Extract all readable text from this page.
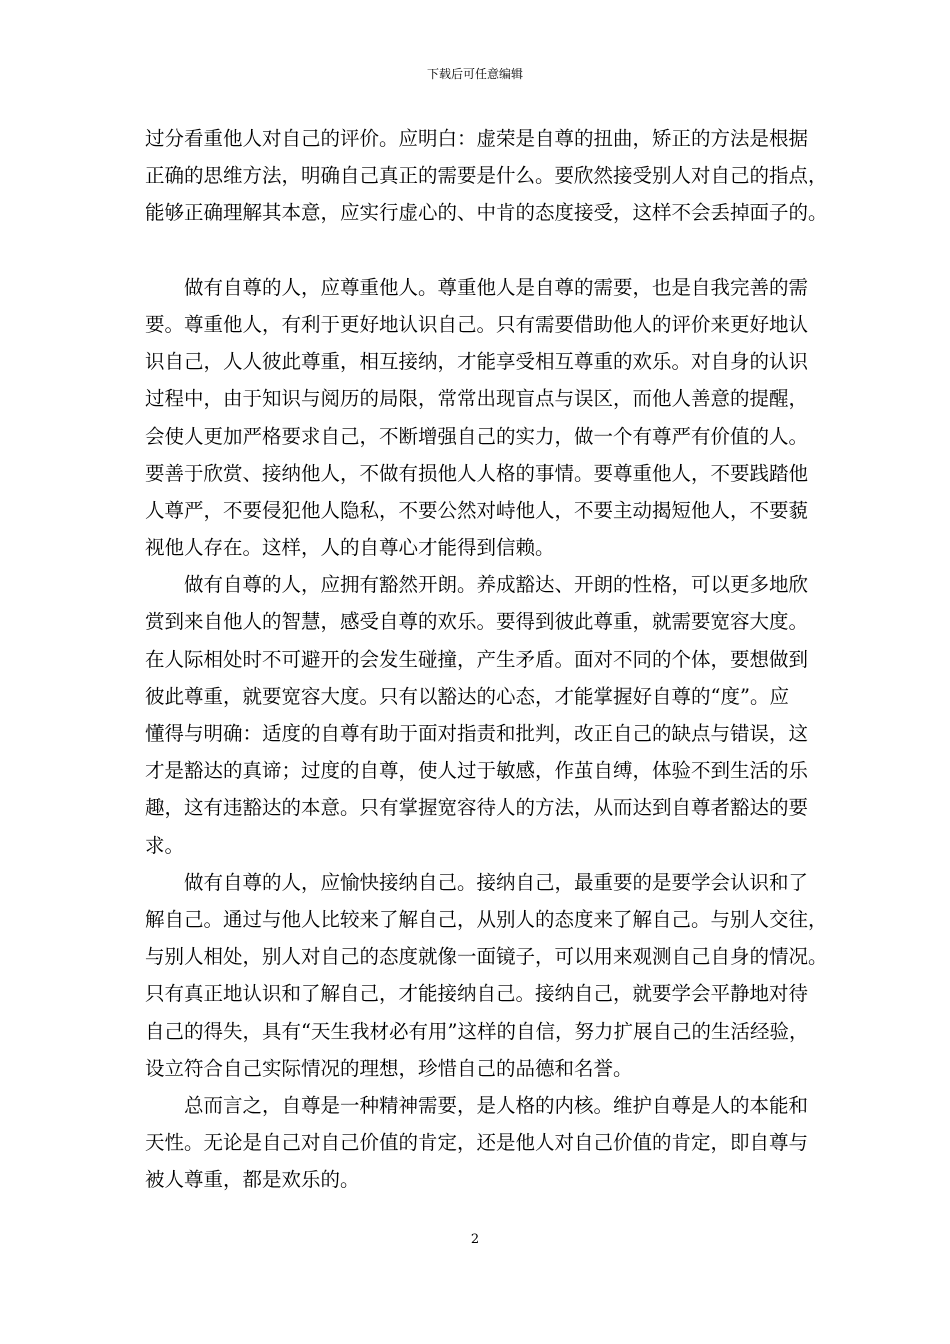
下载后可任意编辑
过分看重他人对自己的评价。应明白：虚荣是自尊的扭曲，矫正的方法是根据
正确的思维方法，明确自己真正的需要是什么。要欣然接受别人对自己的指点，
能够正确理解其本意，应实行虚心的、中肯的态度接受，这样不会丢掉面子的。
做有自尊的人，应尊重他人。尊重他人是自尊的需要，也是自我完善的需
要。尊重他人，有利于更好地认识自己。只有需要借助他人的评价来更好地认
识自己，人人彼此尊重，相互接纳，才能享受相互尊重的欢乐。对自身的认识
过程中，由于知识与阅历的局限，常常出现盲点与误区，而他人善意的提醒，
会使人更加严格要求自己，不断增强自己的实力，做一个有尊严有价值的人。
要善于欣赏、接纳他人，不做有损他人人格的事情。要尊重他人，不要践踏他
人尊严，不要侵犯他人隐私，不要公然对峙他人，不要主动揭短他人，不要藐
视他人存在。这样，人的自尊心才能得到信赖。
做有自尊的人，应拥有豁然开朗。养成豁达、开朗的性格，可以更多地欣
赏到来自他人的智慧，感受自尊的欢乐。要得到彼此尊重，就需要宽容大度。
在人际相处时不可避开的会发生碰撞，产生矛盾。面对不同的个体，要想做到
彼此尊重，就要宽容大度。只有以豁达的心态，才能掌握好自尊的“度”。应
懂得与明确：适度的自尊有助于面对指责和批判，改正自己的缺点与错误，这
才是豁达的真谛；过度的自尊，使人过于敏感，作茧自缚，体验不到生活的乐
趣，这有违豁达的本意。只有掌握宽容待人的方法，从而达到自尊者豁达的要
求。
做有自尊的人，应愉快接纳自己。接纳自己，最重要的是要学会认识和了
解自己。通过与他人比较来了解自己，从别人的态度来了解自己。与别人交往，
与别人相处，别人对自己的态度就像一面镜子，可以用来观测自己自身的情况。
只有真正地认识和了解自己，才能接纳自己。接纳自己，就要学会平静地对待
自己的得失，具有“天生我材必有用”这样的自信，努力扩展自己的生活经验，
设立符合自己实际情况的理想，珍惜自己的品德和名誉。
总而言之，自尊是一种精神需要，是人格的内核。维护自尊是人的本能和
天性。无论是自己对自己价值的肯定，还是他人对自己价值的肯定，即自尊与
被人尊重，都是欢乐的。
2
